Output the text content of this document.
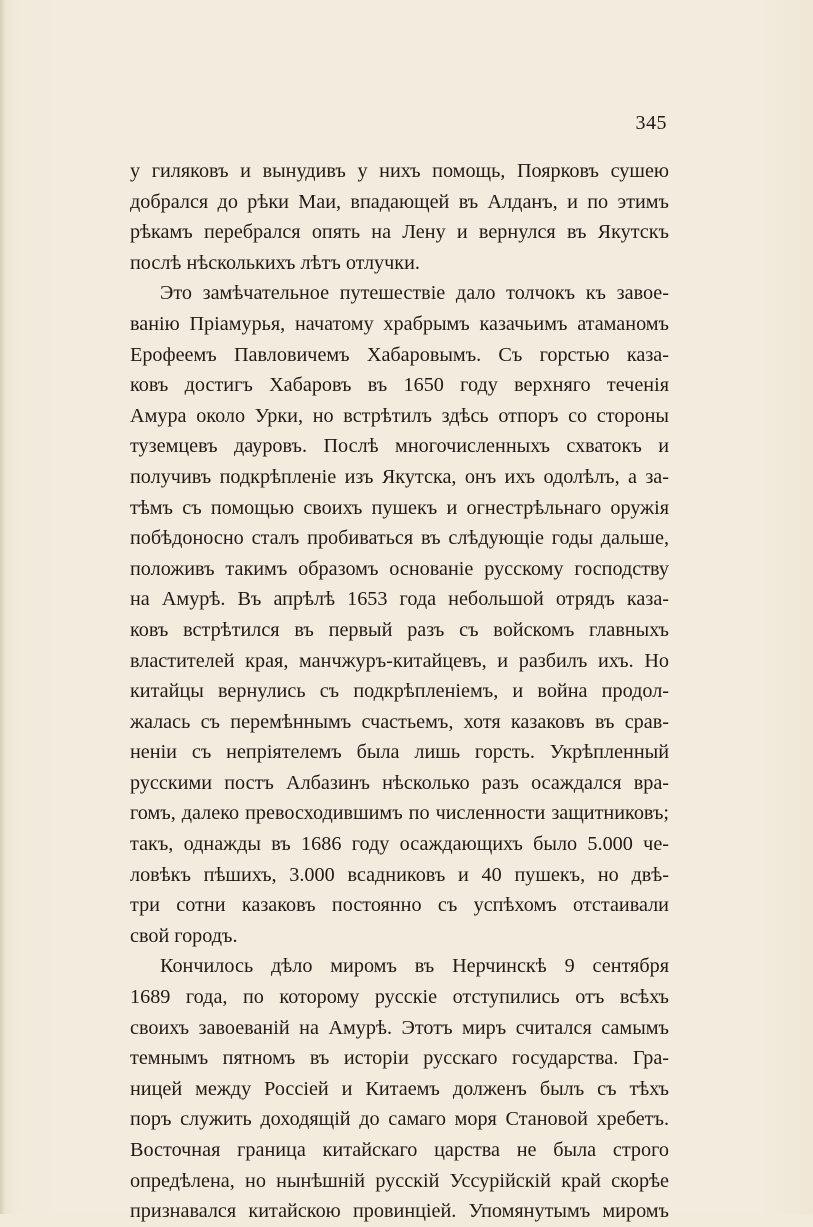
345
у гиляковъ и вынудивъ у нихъ помощь, Поярковъ сушею
добрался до рѣки Маи, впадающей въ Алданъ, и по этимъ
рѣкамъ перебрался опять на Лену и вернулся въ Якутскъ
послѣ нѣсколькихъ лѣтъ отлучки.
Это замѣчательное путешествіе дало толчокъ къ завое-
ванію Пріамурья, начатому храбрымъ казачьимъ атаманомъ
Ерофеемъ Павловичемъ Хабаровымъ. Съ горстью каза-
ковъ достигъ Хабаровъ въ 1650 году верхняго теченія
Амура около Урки, но встрѣтилъ здѣсь отпоръ со стороны
туземцевъ дауровъ. Послѣ многочисленныхъ схватокъ и
получивъ подкрѣпленіе изъ Якутска, онъ ихъ одолѣлъ, а за-
тѣмъ съ помощью своихъ пушекъ и огнестрѣльнаго оружія
побѣдоносно сталъ пробиваться въ слѣдующіе годы дальше,
положивъ такимъ образомъ основаніе русскому господству
на Амурѣ. Въ апрѣлѣ 1653 года небольшой отрядъ каза-
ковъ встрѣтился въ первый разъ съ войскомъ главныхъ
властителей края, манчжуръ-китайцевъ, и разбилъ ихъ. Но
китайцы вернулись съ подкрѣпленіемъ, и война продол-
жалась съ перемѣннымъ счастьемъ, хотя казаковъ въ срав-
неніи съ непріятелемъ была лишь горсть. Укрѣпленный
русскими постъ Албазинъ нѣсколько разъ осаждался вра-
гомъ, далеко превосходившимъ по численности защитниковъ;
такъ, однажды въ 1686 году осаждающихъ было 5.000 че-
ловѣкъ пѣшихъ, 3.000 всадниковъ и 40 пушекъ, но двѣ-
три сотни казаковъ постоянно съ успѣхомъ отстаивали
свой городъ.
Кончилось дѣло миромъ въ Нерчинскѣ 9 сентября
1689 года, по которому русскіе отступились отъ всѣхъ
своихъ завоеваній на Амурѣ. Этотъ миръ считался самымъ
темнымъ пятномъ въ исторіи русскаго государства. Гра-
ницей между Россіей и Китаемъ долженъ былъ съ тѣхъ
поръ служить доходящій до самаго моря Становой хребетъ.
Восточная граница китайскаго царства не была строго
опредѣлена, но нынѣшній русскій Уссурійскій край скорѣе
признавался китайскою провинціей. Упомянутымъ миромъ
